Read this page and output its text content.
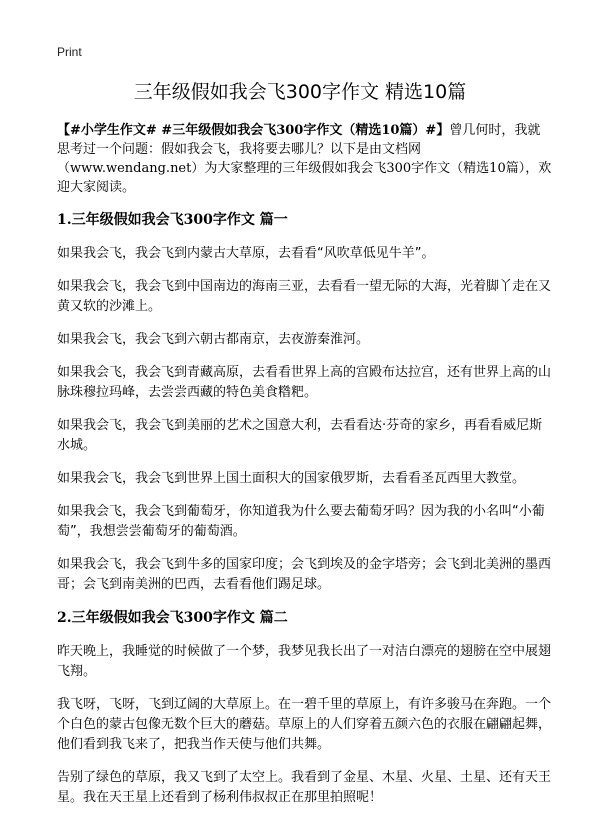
Print
三年级假如我会飞300字作文 精选10篇

【#小学生作文# #三年级假如我会飞300字作文（精选10篇）#】曾几何时，我就思考过一个问题：假如我会飞，我将要去哪儿？以下是由文档网（www.wendang.net）为大家整理的三年级假如我会飞300字作文（精选10篇），欢迎大家阅读。

1.三年级假如我会飞300字作文 篇一

如果我会飞，我会飞到内蒙古大草原，去看看“风吹草低见牛羊”。

如果我会飞，我会飞到中国南边的海南三亚，去看看一望无际的大海，光着脚丫走在又黄又软的沙滩上。

如果我会飞，我会飞到六朝古都南京，去夜游秦淮河。

如果我会飞，我会飞到青藏高原，去看看世界上高的宫殿布达拉宫，还有世界上高的山脉珠穆拉玛峰，去尝尝西藏的特色美食糌粑。

如果我会飞，我会飞到美丽的艺术之国意大利，去看看达·芬奇的家乡，再看看威尼斯水城。

如果我会飞，我会飞到世界上国土面积大的国家俄罗斯，去看看圣瓦西里大教堂。

如果我会飞，我会飞到葡萄牙，你知道我为什么要去葡萄牙吗？因为我的小名叫“小葡萄”，我想尝尝葡萄牙的葡萄酒。

如果我会飞，我会飞到牛多的国家印度；会飞到埃及的金字塔旁；会飞到北美洲的墨西哥；会飞到南美洲的巴西，去看看他们踢足球。

2.三年级假如我会飞300字作文 篇二

昨天晚上，我睡觉的时候做了一个梦，我梦见我长出了一对洁白漂亮的翅膀在空中展翅飞翔。

我飞呀，飞呀，飞到辽阔的大草原上。在一碧千里的草原上，有许多骏马在奔跑。一个个白色的蒙古包像无数个巨大的蘑菇。草原上的人们穿着五颜六色的衣服在翩翩起舞，他们看到我飞来了，把我当作天使与他们共舞。

告别了绿色的草原，我又飞到了太空上。我看到了金星、木星、火星、土星、还有天王星。我在天王星上还看到了杨利伟叔叔正在那里拍照呢！
